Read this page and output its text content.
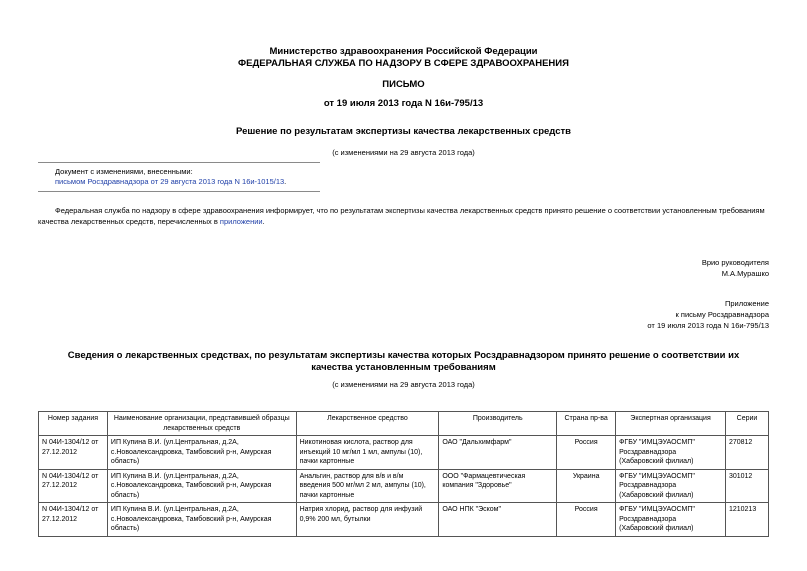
Министерство здравоохранения Российской Федерации
ФЕДЕРАЛЬНАЯ СЛУЖБА ПО НАДЗОРУ В СФЕРЕ ЗДРАВООХРАНЕНИЯ
ПИСЬМО
от 19 июля 2013 года N 16и-795/13
Решение по результатам экспертизы качества лекарственных средств
(с изменениями на 29 августа 2013 года)
Документ с изменениями, внесенными:
письмом Росздравнадзора от 29 августа 2013 года N 16и-1015/13.
Федеральная служба по надзору в сфере здравоохранения информирует, что по результатам экспертизы качества лекарственных средств принято решение о соответствии установленным требованиям качества лекарственных средств, перечисленных в приложении.
Врио руководителя
М.А.Мурашко
Приложение
к письму Росздравнадзора
от 19 июля 2013 года N 16и-795/13
Сведения о лекарственных средствах, по результатам экспертизы качества которых Росздравнадзором принято решение о соответствии их качества установленным требованиям
(с изменениями на 29 августа 2013 года)
Номер задания	Наименование организации, представившей образцы лекарственных средств	Лекарственное средство	Производитель	Страна пр-ва	Экспертная организация	Серии
N 04И-1304/12 от 27.12.2012	ИП Купина В.И. (ул.Центральная, д.2А, с.Новоалександровка, Тамбовский р-н, Амурская область)	Никотиновая кислота, раствор для инъекций 10 мг/мл 1 мл, ампулы (10), пачки картонные	ОАО "Дальхимфарм"	Россия	ФГБУ "ИМЦЭУАОСМП" Росздравнадзора (Хабаровский филиал)	270812
N 04И-1304/12 от 27.12.2012	ИП Купина В.И. (ул.Центральная, д.2А, с.Новоалександровка, Тамбовский р-н, Амурская область)	Анальгин, раствор для в/в и в/м введения 500 мг/мл 2 мл, ампулы (10), пачки картонные	ООО "Фармацевтическая компания "Здоровье"	Украина	ФГБУ "ИМЦЭУАОСМП" Росздравнадзора (Хабаровский филиал)	301012
N 04И-1304/12 от 27.12.2012	ИП Купина В.И. (ул.Центральная, д.2А, с.Новоалександровка, Тамбовский р-н, Амурская область)	Натрия хлорид, раствор для инфузий 0,9% 200 мл, бутылки	ОАО НПК "Эском"	Россия	ФГБУ "ИМЦЭУАОСМП" Росздравнадзора (Хабаровский филиал)	1210213
